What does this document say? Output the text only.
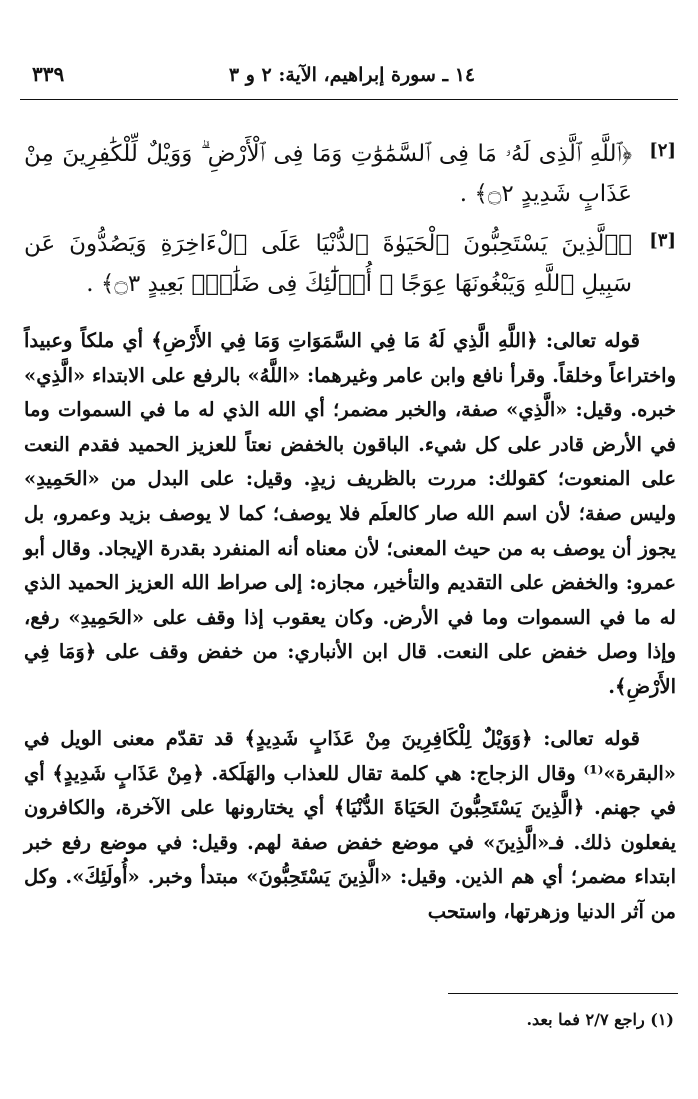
٣٣٩	١٤ ـ سورة إبراهيم، الآية: ٢ و ٣
[٢]
﴿ٱللَّهِ ٱلَّذِى لَهُۥ مَا فِى ٱلسَّمَٰوَٰتِ وَمَا فِى ٱلْأَرْضِ ۗ وَوَيْلٌ لِّلْكَٰفِرِينَ مِنْ عَذَابٍ شَدِيدٍ ۝٢﴾ .
[٣]
﴿ٱلَّذِينَ يَسْتَحِبُّونَ ٱلْحَيَوٰةَ ٱلدُّنْيَا عَلَى ٱلْءَاخِرَةِ وَيَصُدُّونَ عَن سَبِيلِ ٱللَّهِ وَيَبْغُونَهَا عِوَجًا ۚ أُو۟لَٰٓئِكَ فِى ضَلَٰلٍۭ بَعِيدٍ ۝٣﴾ .

قوله تعالى: ﴿اللَّهِ الَّذِي لَهُ مَا فِي السَّمَوَاتِ وَمَا فِي الأَرْضِ﴾ أي ملكاً وعبيداً واختراعاً وخلقاً. وقرأ نافع وابن عامر وغيرهما: «اللَّهُ» بالرفع على الابتداء «الَّذِي» خبره. وقيل: «الَّذِي» صفة، والخبر مضمر؛ أي الله الذي له ما في السموات وما في الأرض قادر على كل شيء. الباقون بالخفض نعتاً للعزيز الحميد فقدم النعت على المنعوت؛ كقولك: مررت بالظريف زيدٍ. وقيل: على البدل من «الحَمِيدِ» وليس صفة؛ لأن اسم الله صار كالعلَم فلا يوصف؛ كما لا يوصف بزيد وعمرو، بل يجوز أن يوصف به من حيث المعنى؛ لأن معناه أنه المنفرد بقدرة الإيجاد. وقال أبو عمرو: والخفض على التقديم والتأخير، مجازه: إلى صراط الله العزيز الحميد الذي له ما في السموات وما في الأرض. وكان يعقوب إذا وقف على «الحَمِيدِ» رفع، وإذا وصل خفض على النعت. قال ابن الأنباري: من خفض وقف على ﴿وَمَا فِي الأَرْضِ﴾.

قوله تعالى: ﴿وَوَيْلٌ لِلْكَافِرِينَ مِنْ عَذَابٍ شَدِيدٍ﴾ قد تقدّم معنى الويل في «البقرة»⁽¹⁾ وقال الزجاج: هي كلمة تقال للعذاب والهَلَكة. ﴿مِنْ عَذَابٍ شَدِيدٍ﴾ أي في جهنم. ﴿الَّذِينَ يَسْتَحِبُّونَ الحَيَاةَ الدُّنْيَا﴾ أي يختارونها على الآخرة، والكافرون يفعلون ذلك. فـ«الَّذِينَ» في موضع خفض صفة لهم. وقيل: في موضع رفع خبر ابتداء مضمر؛ أي هم الذين. وقيل: «الَّذِينَ يَسْتَحِبُّونَ» مبتدأ وخبر. «أُولَئِكَ». وكل من آثر الدنيا وزهرتها، واستحب

(١) راجع ٢/٧ فما بعد.
